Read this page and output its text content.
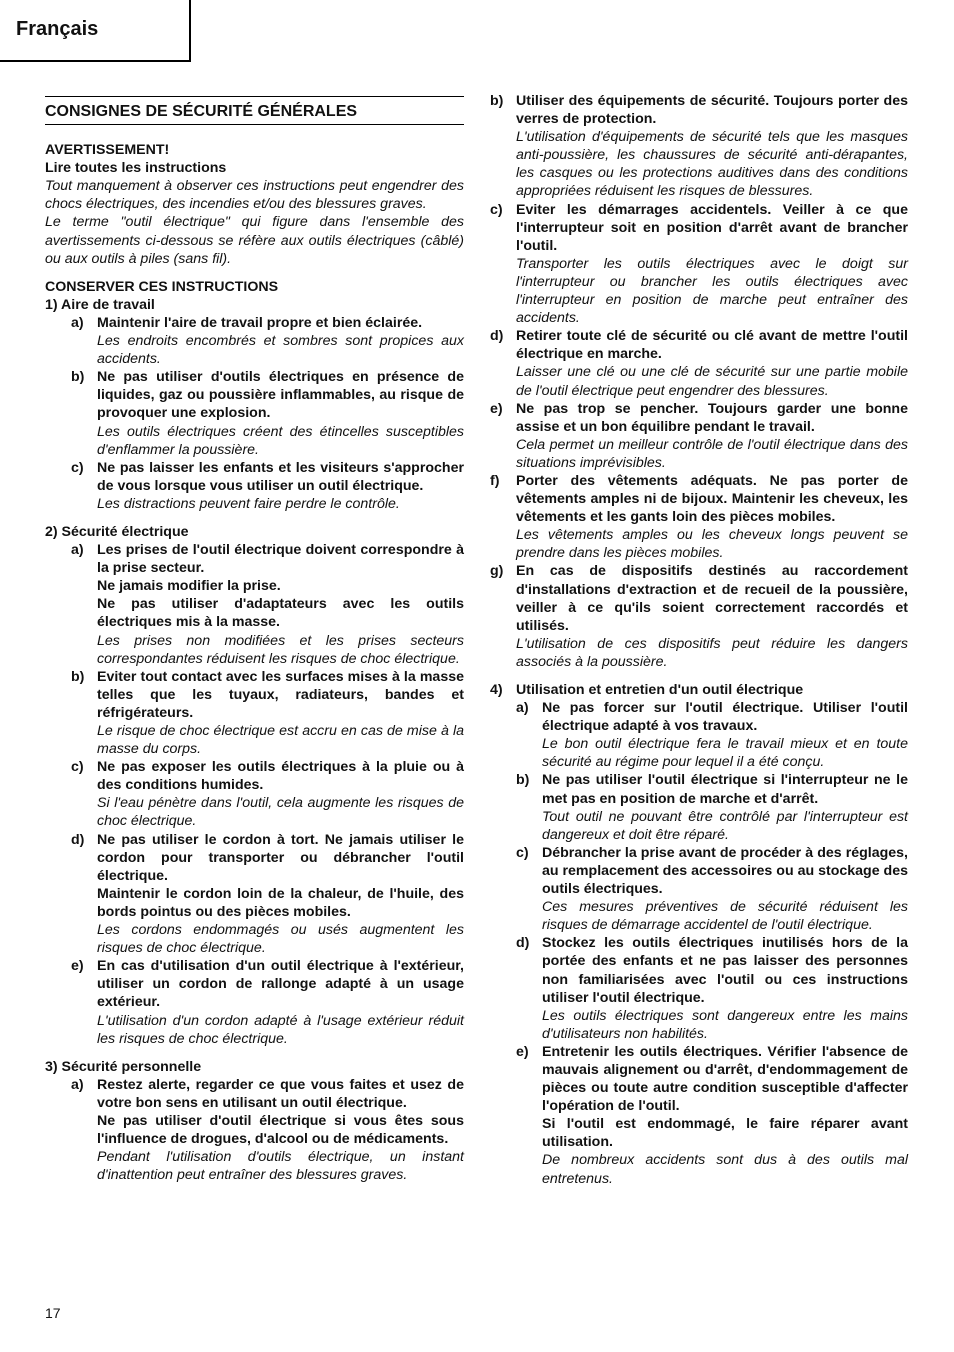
Français
CONSIGNES DE SÉCURITÉ GÉNÉRALES
AVERTISSEMENT!
Lire toutes les instructions
Tout manquement à observer ces instructions peut engendrer des chocs électriques, des incendies et/ou des blessures graves.
Le terme "outil électrique" qui figure dans l'ensemble des avertissements ci-dessous se réfère aux outils électriques (câblé) ou aux outils à piles (sans fil).
CONSERVER CES INSTRUCTIONS
1) Aire de travail
a) Maintenir l'aire de travail propre et bien éclairée.
Les endroits encombrés et sombres sont propices aux accidents.
b) Ne pas utiliser d'outils électriques en présence de liquides, gaz ou poussière inflammables, au risque de provoquer une explosion.
Les outils électriques créent des étincelles susceptibles d'enflammer la poussière.
c) Ne pas laisser les enfants et les visiteurs s'approcher de vous lorsque vous utiliser un outil électrique.
Les distractions peuvent faire perdre le contrôle.
2) Sécurité électrique
a) Les prises de l'outil électrique doivent correspondre à la prise secteur.
Ne jamais modifier la prise.
Ne pas utiliser d'adaptateurs avec les outils électriques mis à la masse.
Les prises non modifiées et les prises secteurs correspondantes réduisent les risques de choc électrique.
b) Eviter tout contact avec les surfaces mises à la masse telles que les tuyaux, radiateurs, bandes et réfrigérateurs.
Le risque de choc électrique est accru en cas de mise à la masse du corps.
c) Ne pas exposer les outils électriques à la pluie ou à des conditions humides.
Si l'eau pénètre dans l'outil, cela augmente les risques de choc électrique.
d) Ne pas utiliser le cordon à tort. Ne jamais utiliser le cordon pour transporter ou débrancher l'outil électrique.
Maintenir le cordon loin de la chaleur, de l'huile, des bords pointus ou des pièces mobiles.
Les cordons endommagés ou usés augmentent les risques de choc électrique.
e) En cas d'utilisation d'un outil électrique à l'extérieur, utiliser un cordon de rallonge adapté à un usage extérieur.
L'utilisation d'un cordon adapté à l'usage extérieur réduit les risques de choc électrique.
3) Sécurité personnelle
a) Restez alerte, regarder ce que vous faites et usez de votre bon sens en utilisant un outil électrique.
Ne pas utiliser d'outil électrique si vous êtes sous l'influence de drogues, d'alcool ou de médicaments.
Pendant l'utilisation d'outils électrique, un instant d'inattention peut entraîner des blessures graves.
b) Utiliser des équipements de sécurité. Toujours porter des verres de protection.
L'utilisation d'équipements de sécurité tels que les masques anti-poussière, les chaussures de sécurité anti-dérapantes, les casques ou les protections auditives dans des conditions appropriées réduisent les risques de blessures.
c) Eviter les démarrages accidentels. Veiller à ce que l'interrupteur soit en position d'arrêt avant de brancher l'outil.
Transporter les outils électriques avec le doigt sur l'interrupteur ou brancher les outils électriques avec l'interrupteur en position de marche peut entraîner des accidents.
d) Retirer toute clé de sécurité ou clé avant de mettre l'outil électrique en marche.
Laisser une clé ou une clé de sécurité sur une partie mobile de l'outil électrique peut engendrer des blessures.
e) Ne pas trop se pencher. Toujours garder une bonne assise et un bon équilibre pendant le travail.
Cela permet un meilleur contrôle de l'outil électrique dans des situations imprévisibles.
f)	Porter des vêtements adéquats. Ne pas porter de vêtements amples ni de bijoux. Maintenir les cheveux, les vêtements et les gants loin des pièces mobiles.
Les vêtements amples ou les cheveux longs peuvent se prendre dans les pièces mobiles.
g) En cas de dispositifs destinés au raccordement d'installations d'extraction et de recueil de la poussière, veiller à ce qu'ils soient correctement raccordés et utilisés.
L'utilisation de ces dispositifs peut réduire les dangers associés à la poussière.
4) Utilisation et entretien d'un outil électrique
a) Ne pas forcer sur l'outil électrique. Utiliser l'outil électrique adapté à vos travaux.
Le bon outil électrique fera le travail mieux et en toute sécurité au régime pour lequel il a été conçu.
b) Ne pas utiliser l'outil électrique si l'interrupteur ne le met pas en position de marche et d'arrêt.
Tout outil ne pouvant être contrôlé par l'interrupteur est dangereux et doit être réparé.
c) Débrancher la prise avant de procéder à des réglages, au remplacement des accessoires ou au stockage des outils électriques.
Ces mesures préventives de sécurité réduisent les risques de démarrage accidentel de l'outil électrique.
d) Stockez les outils électriques inutilisés hors de la portée des enfants et ne pas laisser des personnes non familiarisées avec l'outil ou ces instructions utiliser l'outil électrique.
Les outils électriques sont dangereux entre les mains d'utilisateurs non habilités.
e) Entretenir les outils électriques. Vérifier l'absence de mauvais alignement ou d'arrêt, d'endommagement de pièces ou toute autre condition susceptible d'affecter l'opération de l'outil.
Si l'outil est endommagé, le faire réparer avant utilisation.
De nombreux accidents sont dus à des outils mal entretenus.
17
